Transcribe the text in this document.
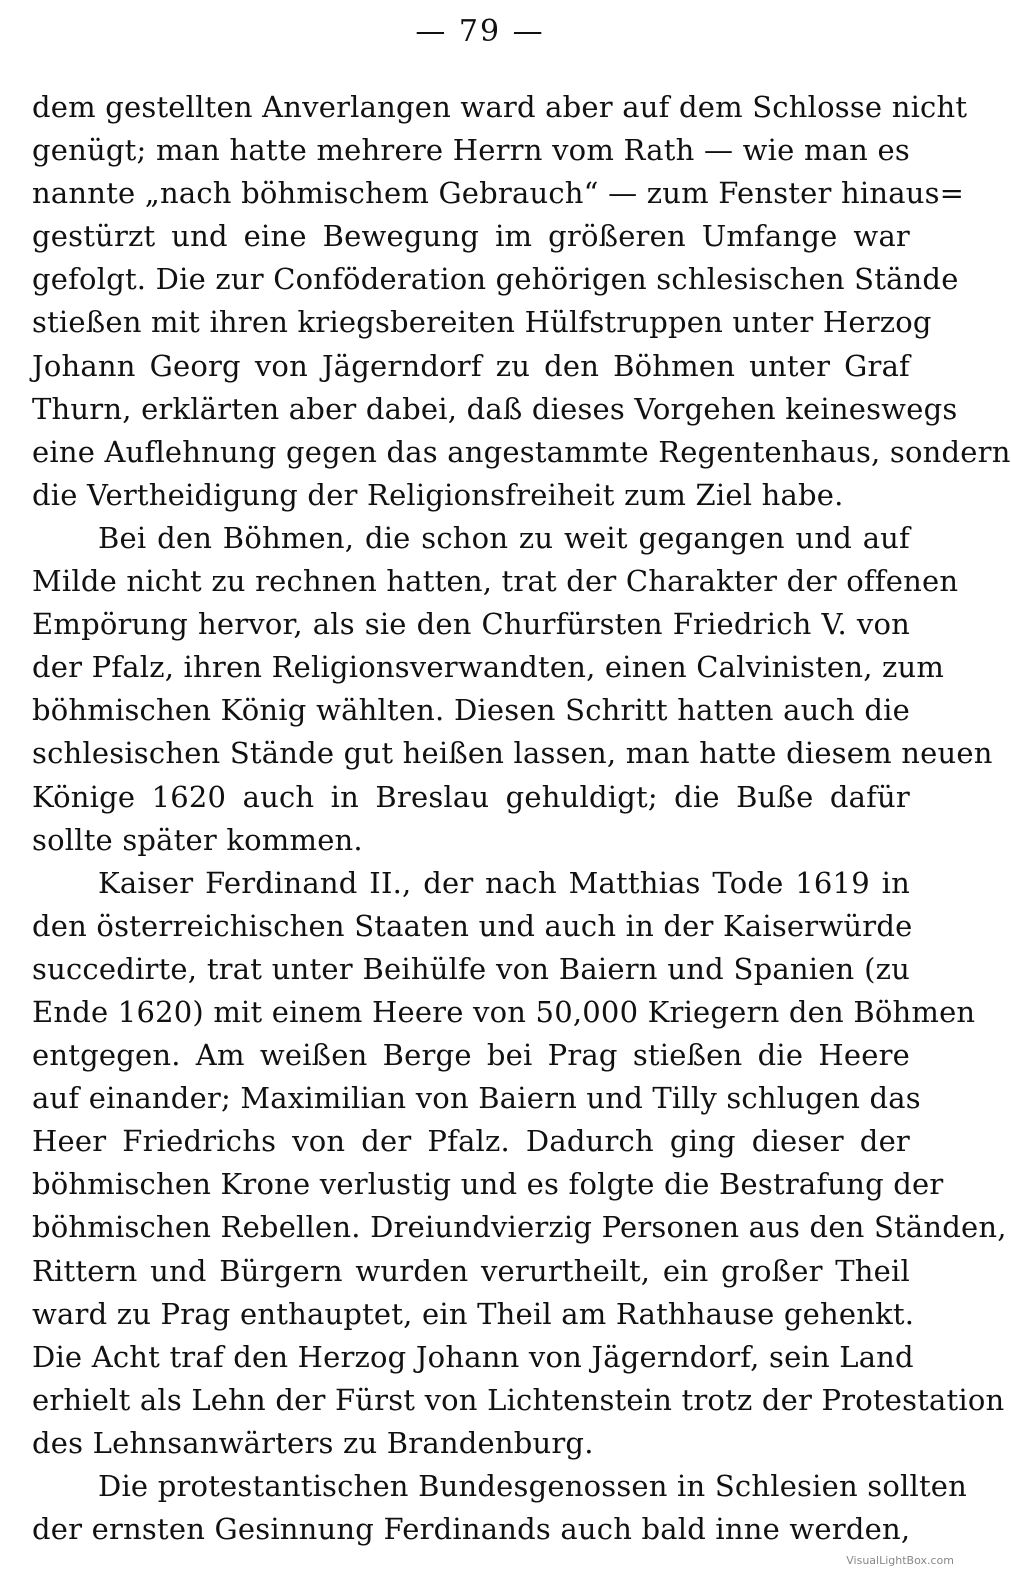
— 79 —
dem gestellten Anverlangen ward aber auf dem Schlosse nicht
genügt; man hatte mehrere Herrn vom Rath — wie man es
nannte „nach böhmischem Gebrauch“ — zum Fenster hinaus=
gestürzt und eine Bewegung im größeren Umfange war
gefolgt. Die zur Conföderation gehörigen schlesischen Stände
stießen mit ihren kriegsbereiten Hülfstruppen unter Herzog
Johann Georg von Jägerndorf zu den Böhmen unter Graf
Thurn, erklärten aber dabei, daß dieses Vorgehen keineswegs
eine Auflehnung gegen das angestammte Regentenhaus, sondern
die Vertheidigung der Religionsfreiheit zum Ziel habe.
Bei den Böhmen, die schon zu weit gegangen und auf
Milde nicht zu rechnen hatten, trat der Charakter der offenen
Empörung hervor, als sie den Churfürsten Friedrich V. von
der Pfalz, ihren Religionsverwandten, einen Calvinisten, zum
böhmischen König wählten. Diesen Schritt hatten auch die
schlesischen Stände gut heißen lassen, man hatte diesem neuen
Könige 1620 auch in Breslau gehuldigt; die Buße dafür
sollte später kommen.
Kaiser Ferdinand II., der nach Matthias Tode 1619 in
den österreichischen Staaten und auch in der Kaiserwürde
succedirte, trat unter Beihülfe von Baiern und Spanien (zu
Ende 1620) mit einem Heere von 50,000 Kriegern den Böhmen
entgegen. Am weißen Berge bei Prag stießen die Heere
auf einander; Maximilian von Baiern und Tilly schlugen das
Heer Friedrichs von der Pfalz. Dadurch ging dieser der
böhmischen Krone verlustig und es folgte die Bestrafung der
böhmischen Rebellen. Dreiundvierzig Personen aus den Ständen,
Rittern und Bürgern wurden verurtheilt, ein großer Theil
ward zu Prag enthauptet, ein Theil am Rathhause gehenkt.
Die Acht traf den Herzog Johann von Jägerndorf, sein Land
erhielt als Lehn der Fürst von Lichtenstein trotz der Protestation
des Lehnsanwärters zu Brandenburg.
Die protestantischen Bundesgenossen in Schlesien sollten
der ernsten Gesinnung Ferdinands auch bald inne werden,
VisualLightBox.com
